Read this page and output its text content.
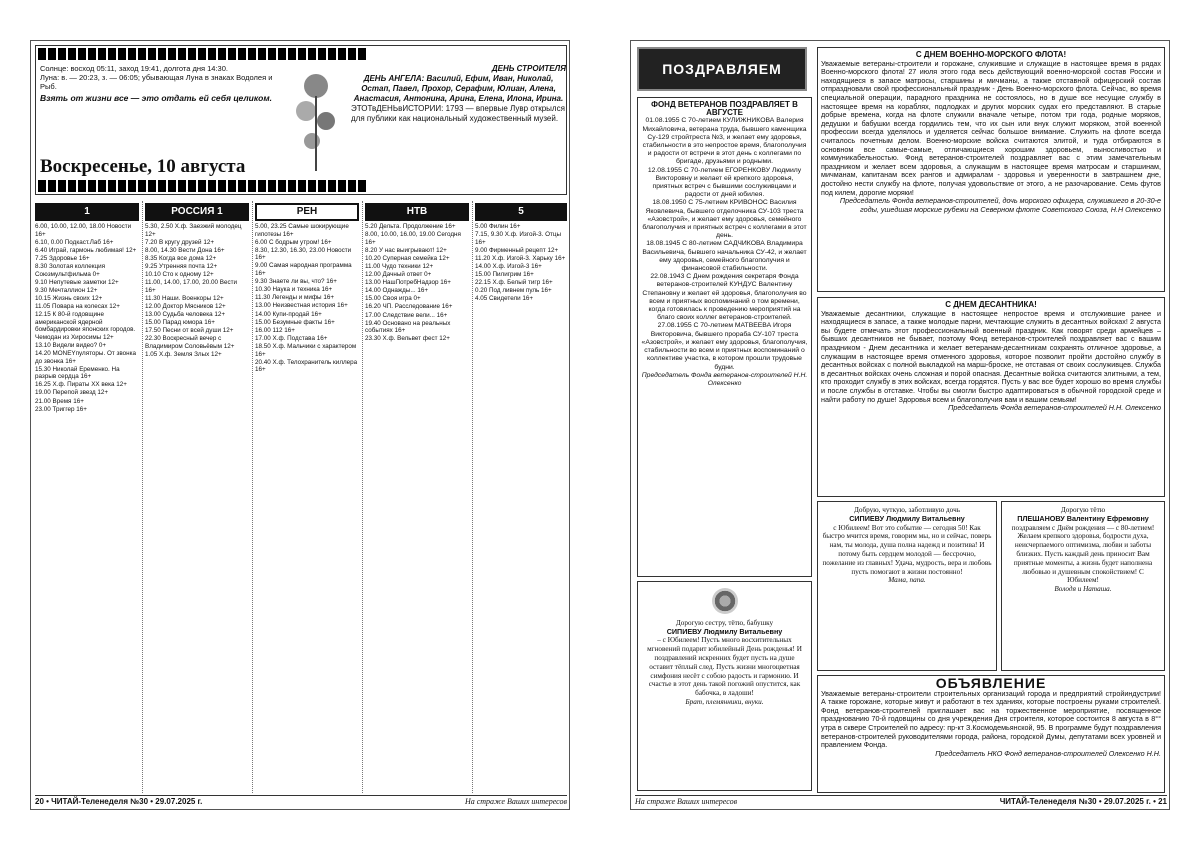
Солнце: восход 05:11, заход 19:41, долгота дня 14:30.

Луна: в. — 20:23, з. — 06:05; убывающая Луна в знаках Водолея и Рыб.

Взять от жизни все — это отдать ей себя целиком.

Воскресенье, 10 августа

ДЕНЬ СТРОИТЕЛЯ

ДЕНЬ АНГЕЛА: Василий, Ефим, Иван, Николай, Остап, Павел, Прохор, Серафим, Юлиан, Алена, Анастасия, Антонина, Арина, Елена, Илона, Ирина.

ЭТОТвДЕНЬвИСТОРИИ: 1793 — впервые Лувр открылся для публики как национальный художественный музей.

1

6.00, 10.00, 12.00, 18.00 Новости 16+

6.10, 0.00 Подкаст.Лаб 16+

6.40 Играй, гармонь любимая! 12+

7.25 Здоровье 16+

8.30 Золотая коллекция Союзмультфильма 0+

9.10 Непутевые заметки 12+

9.30 Мечталлион 12+

10.15 Жизнь своих 12+

11.05 Повара на колесах 12+

12.15 К 80-й годовщине американской ядерной бомбардировки японских городов. Чемодан из Хиросимы 12+

13.10 Видели видео? 0+

14.20 MONEYпуляторы. От звонка до звонка 16+

15.30 Николай Еременко. На разрыв сердца 16+

16.25 Х.ф. Пираты ХХ века 12+

19.00 Перепой звезд 12+

21.00 Время 16+

23.00 Триггер 16+

РОССИЯ 1

5.30, 2.50 Х.ф. Заезжий молодец 12+

7.20 В кругу друзей 12+

8.00, 14.30 Вести Дона 16+

8.35 Когда все дома 12+

9.25 Утренняя почта 12+

10.10 Сто к одному 12+

11.00, 14.00, 17.00, 20.00 Вести 16+

11.30 Наши. Военкоры 12+

12.00 Доктор Мясников 12+

13.00 Судьба человека 12+

15.00 Парад юмора 16+

17.50 Песни от всей души 12+

22.30 Воскресный вечер с Владимиром Соловьёвым 12+

1.05 Х.ф. Земля Злых 12+

РЕН

5.00, 23.25 Самые шокирующие гипотезы 16+

6.00 С бодрым утром! 16+

8.30, 12.30, 16.30, 23.00 Новости 16+

9.00 Самая народная программа 16+

9.30 Знаете ли вы, что? 16+

10.30 Наука и техника 16+

11.30 Легенды и мифы 16+

13.00 Неизвестная история 16+

14.00 Купи-продай 16+

15.00 Безумные факты 16+

16.00 112 16+

17.00 Х.ф. Подставa 16+

18.50 Х.ф. Мальчики с характером 16+

20.40 Х.ф. Телохранитель киллера 16+

НТВ

5.20 Дельта. Продолжение 16+

8.00, 10.00, 16.00, 19.00 Сегодня 16+

8.20 У нас выигрывают! 12+

10.20 Суперная семейка 12+

11.00 Чудо техники 12+

12.00 Дачный ответ 0+

13.00 НашПотребНадзор 16+

14.00 Однажды... 16+

15.00 Своя игра 0+

16.20 ЧП. Расследование 16+

17.00 Следствие вели... 16+

19.40 Основано на реальных событиях 16+

23.30 Х.ф. Вельвет фест 12+

5

5.00 Филин 16+

7.15, 9.30 Х.ф. Изгой-3. Отцы 16+

9.00 Фирменный рецепт 12+

11.20 Х.ф. Изгой-3. Харьку 16+

14.00 Х.ф. Изгой-3 16+

15.00 Пилигрим 16+

22.15 Х.ф. Белый тигр 16+

0.20 Под ливнем пуль 16+

4.05 Свидетели 16+

20 • ЧИТАЙ-Теленеделя №30 • 29.07.2025 г.	На страже Ваших интересов
ПОЗДРАВЛЯЕМ
ФОНД ВЕТЕРАНОВ ПОЗДРАВЛЯЕТ В АВГУСТЕ

01.08.1955 С 70-летием КУЛИЖНИКОВА Валерия Михайловича, ветерана труда, бывшего каменщика Су-129 стройтреста №3, и желает ему здоровья, стабильности в это непростое время, благополучия и радости от встречи в этот день с коллегами по бригаде, друзьями и родными.

12.08.1955 С 70-летием ЕГОРЕНКОВУ Людмилу Викторовну и желает ей крепкого здоровья, приятных встреч с бывшими сослуживцами и радости от дней юбилея.

18.08.1950 С 75-летием КРИВОНОС Василия Яковлевича, бывшего отделочника СУ-103 треста «Азовстрой», и желает ему здоровья, семейного благополучия и приятных встреч с коллегами в этот день.

18.08.1945 С 80-летием САДЧИКОВА Владимира Васильевича, бывшего начальника СУ-42, и желает ему здоровья, семейного благополучия и финансовой стабильности.

22.08.1943 С Днем рождения секретаря Фонда ветеранов-строителей КУНДУС Валентину Степановну и желает ей здоровья, благополучия во всем и приятных воспоминаний о том времени, когда готовилась к проведению мероприятий на благо своих коллег ветеранов-строителей.

27.08.1955 С 70-летием МАТВЕЕВА Игоря Викторовича, бывшего прораба СУ-107 треста «Азовстрой», и желает ему здоровья, благополучия, стабильности во всем и приятных воспоминаний о коллективе участка, в котором прошли трудовые будни.

Председатель Фонда ветеранов-строителей Н.Н. Олексенко

С ДНЕМ ВОЕННО-МОРСКОГО ФЛОТА!

Уважаемые ветераны-строители и горожане, служившие и служащие в настоящее время в рядах Военно-морского флота! 27 июля этого года весь действующий военно-морской состав России и находящиеся в запасе матросы, старшины и мичманы, а также отставной офицерский состав отпраздновали свой профессиональный праздник - День Военно-морского флота. Сейчас, во время специальной операции, парадного праздника не состоялось, но в душе все несущие службу в настоящее время на кораблях, подлодках и других морских судах его представляют. В старые добрые времена, когда на флоте служили вначале четыре, потом три года, родные моряков, дедушки и бабушки всегда гордились тем, что их сын или внук служит моряком, этой военной профессии всегда уделялось и уделяется сейчас большое внимание. Служить на флоте всегда считалось почетным делом. Военно-морские войска считаются элитой, и туда отбираются в основном все самые-самые, отличающиеся хорошим здоровьем, выносливостью и коммуникабельностью. Фонд ветеранов-строителей поздравляет вас с этим замечательным праздником и желает всем здоровья, а служащим в настоящее время матросам и старшинам, мичманам, капитанам всех рангов и адмиралам - здоровья и уверенности в завтрашнем дне, достойно нести службу на флоте, получая удовольствие от этого, а не разочарование. Семь футов под килем, дорогие моряки!

Председатель Фонда ветеранов-строителей, дочь морского офицера, служившего в 20-30-е годы, ушедшая морские рубежи на Северном флоте Советского Союза, Н.Н Олексенко

С ДНЕМ ДЕСАНТНИКА!

Уважаемые десантники, служащие в настоящее непростое время и отслужившие ранее и находящиеся в запасе, а также молодые парни, мечтающие служить в десантных войсках! 2 августа вы будете отмечать этот профессиональный военный праздник. Как говорят среди армейцев – бывших десантников не бывает, поэтому Фонд ветеранов-строителей поздравляет вас с вашим праздником - Днем десантника и желает ветеранам-десантникам сохранять отличное здоровье, а служащим в настоящее время отменного здоровья, которое позволит пройти достойно службу в десантных войсках с полной выкладкой на марш-броске, не отставая от своих сослуживцев. Служба в десантных войсках очень сложная и порой опасная. Десантные войска считаются элитными, а тем, кто проходит службу в этих войсках, всегда гордятся. Пусть у вас все будет хорошо во время службы и после службы в отставке. Чтобы вы смогли быстро адаптироваться в обычной городской среде и найти работу по душе! Здоровья всем и благополучия вам и вашим семьям!

Председатель Фонда ветеранов-строителей Н.Н. Олексенко

Добрую, чуткую, заботливую дочь

СИПИЕВУ Людмилу Витальевну

с Юбилеем! Вот это событие — сегодня 50! Как быстро мчится время, говорим мы, но и сейчас, поверь нам, ты молода, душа полна надежд и позитива! И потому быть сердцем молодой — бессрочно, пожелание из главных! Удача, мудрость, вера и любовь пусть помогают в жизни постоянно!

Мама, папа.

Дорогую тётю

ПЛЕШАНОВУ Валентину Ефремовну

поздравляем с Днём рождения — с 80-летием! Желаем крепкого здоровья, бодрости духа, неисчерпаемого оптимизма, любви и заботы близких. Пусть каждый день приносит Вам приятные моменты, а жизнь будет наполнена любовью и душевным спокойствием! С Юбилеем!

Володя и Наташа.

Дорогую сестру, тётю, бабушку

СИПИЕВУ Людмилу Витальевну

– с Юбилеем! Пусть много восхитительных мгновений подарит юбилейный День рожденья! И поздравлений искренних будет пусть на душе оставит тёплый след. Пусть жизни многоцветная симфония несёт с собою радость и гармонию. И счастье в этот день такой погожий опустится, как бабочка, в ладоши!

Брат, племянники, внуки.

ОБЪЯВЛЕНИЕ

Уважаемые ветераны-строители строительных организаций города и предприятий стройиндустрии! А также горожане, которые живут и работают в тех зданиях, которые построены руками строителей. Фонд ветеранов-строителей приглашает вас на торжественное мероприятие, посвященное празднованию 70-й годовщины со дня учреждения Дня строителя, которое состоится 8 августа в 8°° утра в сквере Строителей по адресу: пр-кт З.Космодемьянской, 95. В программе будут поздравления ветеранов-строителей руководителями города, района, городской Думы, депутатами всех уровней и правлением Фонда.

Председатель НКО Фонд ветеранов-строителей Олексенко Н.Н.

На страже Ваших интересов	ЧИТАЙ-Теленеделя №30 • 29.07.2025 г. • 21
